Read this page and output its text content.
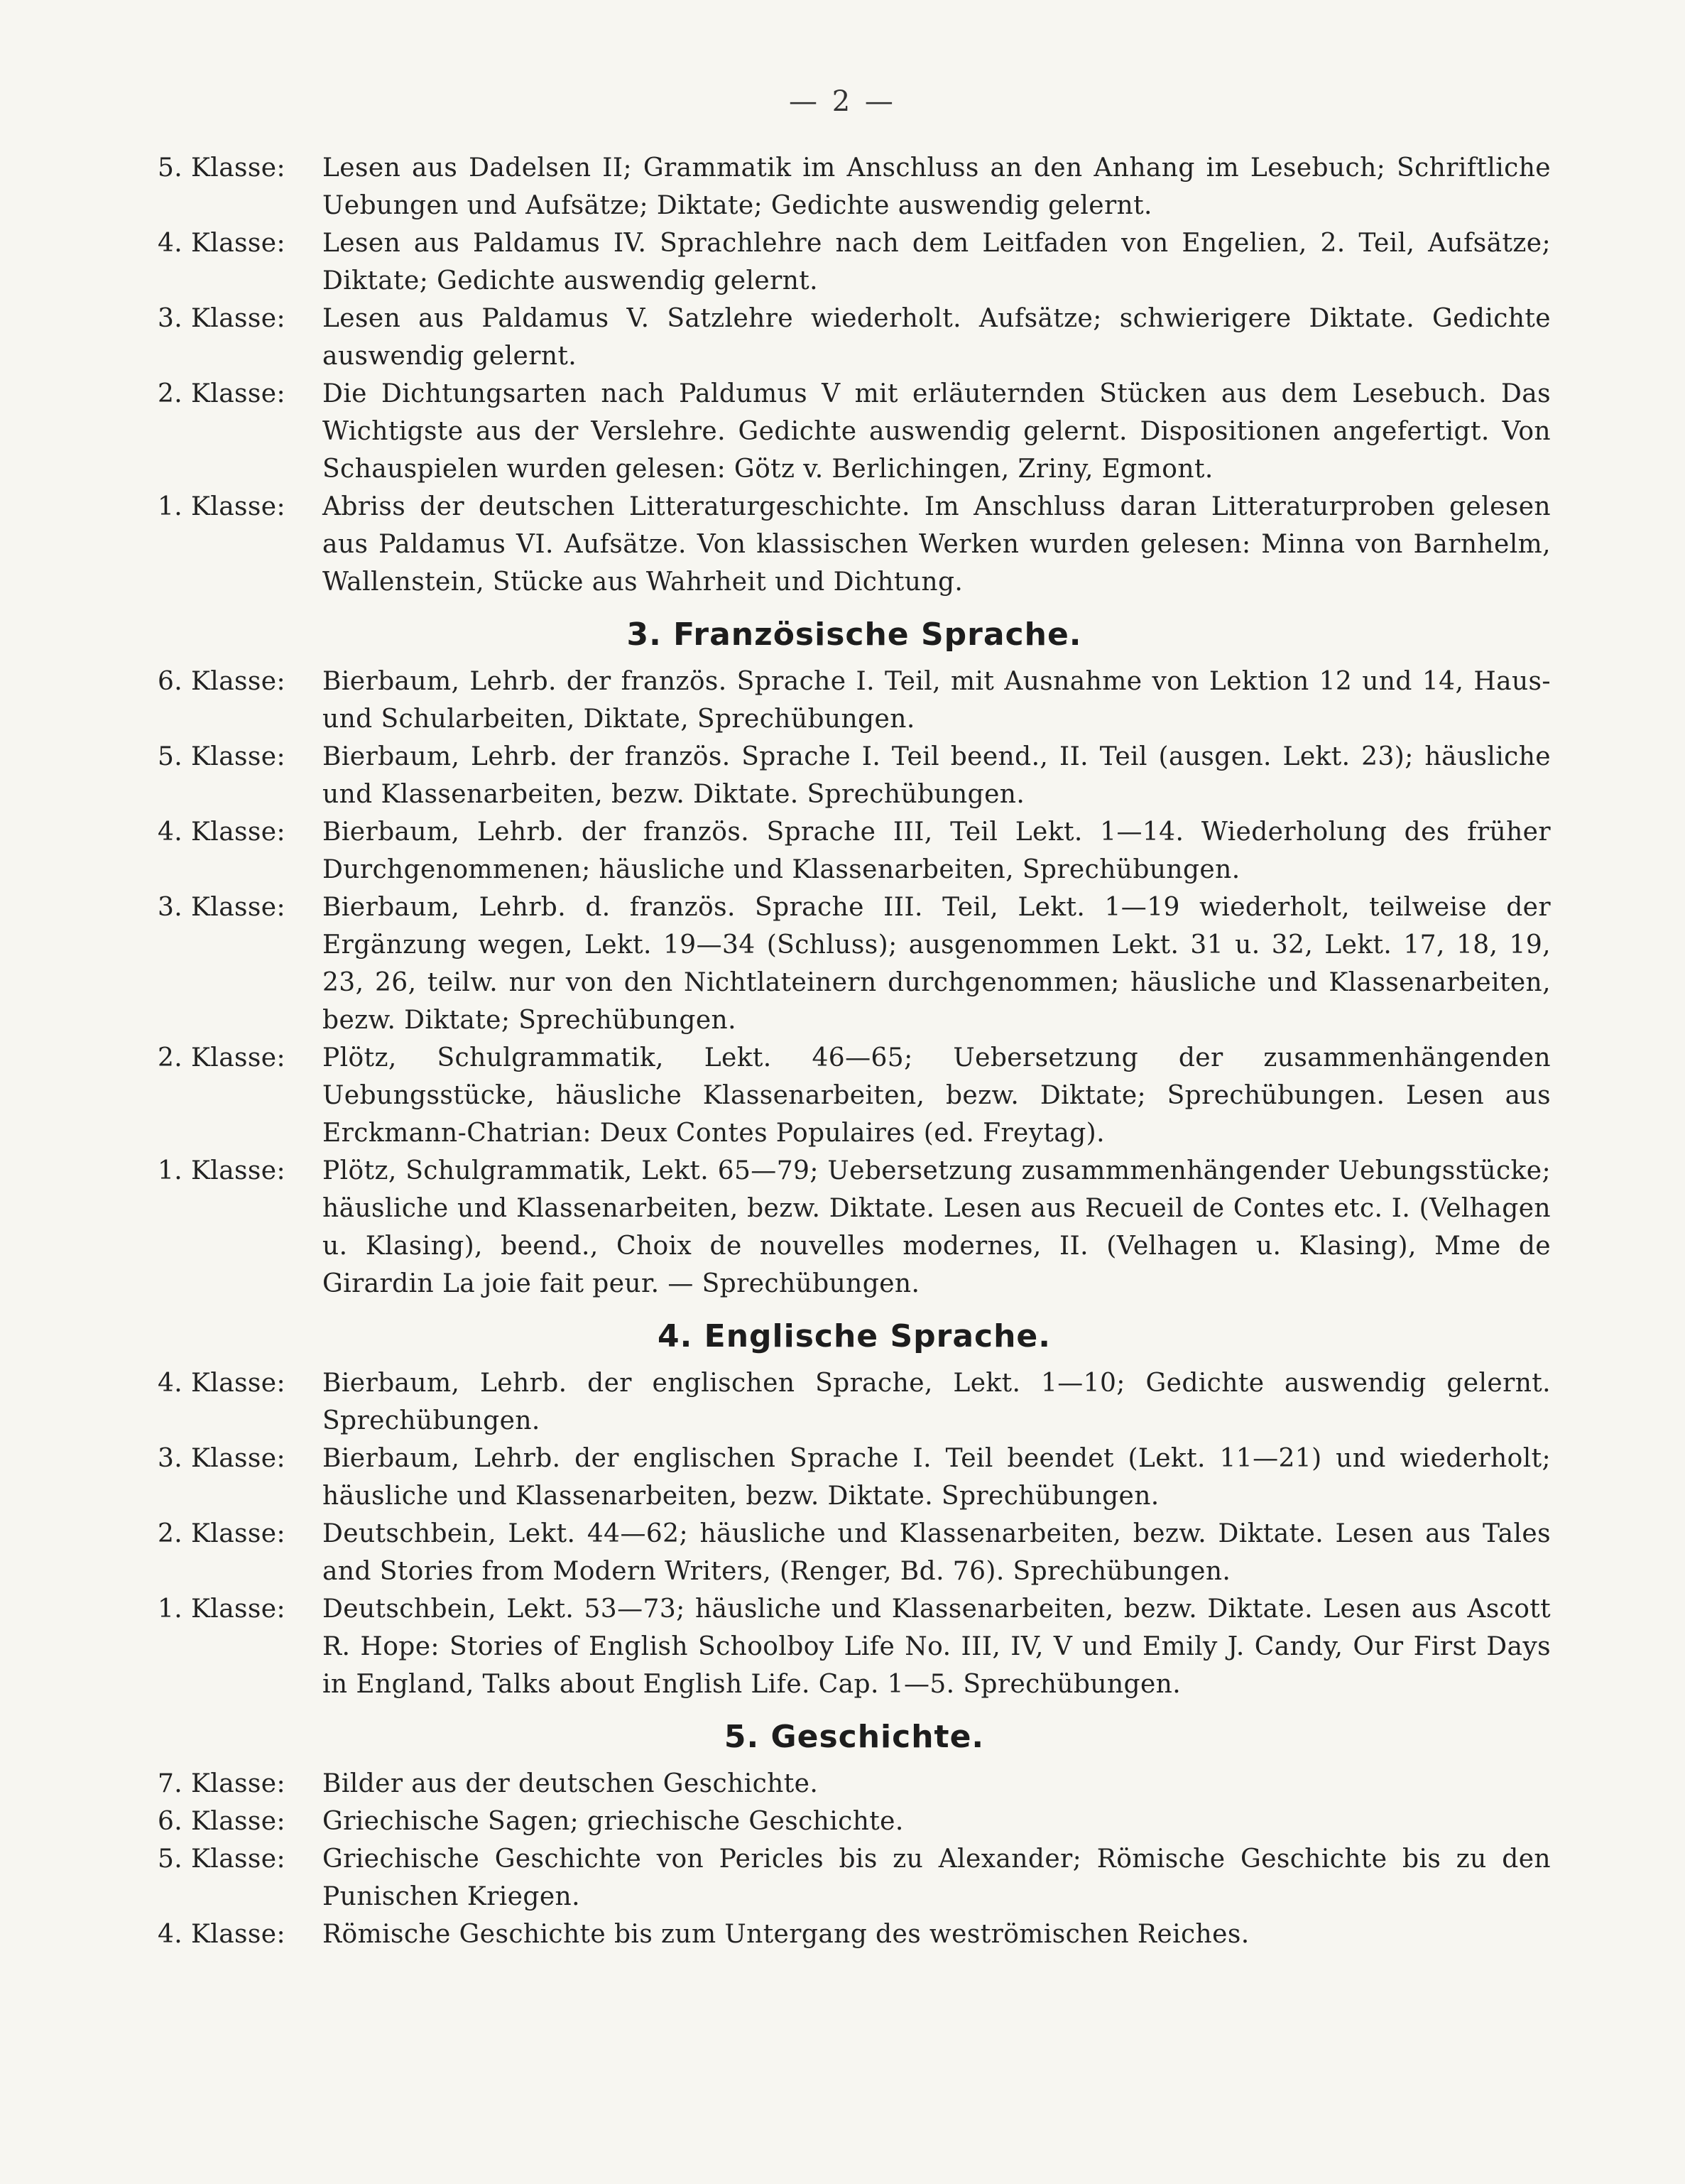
— 2 —
5. Klasse:	Lesen aus Dadelsen II; Grammatik im Anschluss an den Anhang im Lesebuch; Schriftliche Uebungen und Aufsätze; Diktate; Gedichte auswendig gelernt.
4. Klasse:	Lesen aus Paldamus IV. Sprachlehre nach dem Leitfaden von Engelien, 2. Teil, Aufsätze; Diktate; Gedichte auswendig gelernt.
3. Klasse:	Lesen aus Paldamus V. Satzlehre wiederholt. Aufsätze; schwierigere Diktate. Gedichte auswendig gelernt.
2. Klasse:	Die Dichtungsarten nach Paldumus V mit erläuternden Stücken aus dem Lesebuch. Das Wichtigste aus der Verslehre. Gedichte auswendig gelernt. Dispositionen angefertigt. Von Schauspielen wurden gelesen: Götz v. Berlichingen, Zriny, Egmont.
1. Klasse:	Abriss der deutschen Litteraturgeschichte. Im Anschluss daran Litteraturproben gelesen aus Paldamus VI. Aufsätze. Von klassischen Werken wurden gelesen: Minna von Barnhelm, Wallenstein, Stücke aus Wahrheit und Dichtung.
3. Französische Sprache.
6. Klasse:	Bierbaum, Lehrb. der französ. Sprache I. Teil, mit Ausnahme von Lektion 12 und 14, Haus- und Schularbeiten, Diktate, Sprechübungen.
5. Klasse:	Bierbaum, Lehrb. der französ. Sprache I. Teil beend., II. Teil (ausgen. Lekt. 23); häusliche und Klassenarbeiten, bezw. Diktate. Sprechübungen.
4. Klasse:	Bierbaum, Lehrb. der französ. Sprache III, Teil Lekt. 1—14. Wiederholung des früher Durchgenommenen; häusliche und Klassenarbeiten, Sprechübungen.
3. Klasse:	Bierbaum, Lehrb. d. französ. Sprache III. Teil, Lekt. 1—19 wiederholt, teilweise der Ergänzung wegen, Lekt. 19—34 (Schluss); ausgenommen Lekt. 31 u. 32, Lekt. 17, 18, 19, 23, 26, teilw. nur von den Nichtlateinern durchgenommen; häusliche und Klassenarbeiten, bezw. Diktate; Sprechübungen.
2. Klasse:	Plötz, Schulgrammatik, Lekt. 46—65; Uebersetzung der zusammenhängenden Uebungsstücke, häusliche Klassenarbeiten, bezw. Diktate; Sprechübungen. Lesen aus Erckmann-Chatrian: Deux Contes Populaires (ed. Freytag).
1. Klasse:	Plötz, Schulgrammatik, Lekt. 65—79; Uebersetzung zusammmenhängender Uebungsstücke; häusliche und Klassenarbeiten, bezw. Diktate. Lesen aus Recueil de Contes etc. I. (Velhagen u. Klasing), beend., Choix de nouvelles modernes, II. (Velhagen u. Klasing), Mme de Girardin La joie fait peur. — Sprechübungen.
4. Englische Sprache.
4. Klasse:	Bierbaum, Lehrb. der englischen Sprache, Lekt. 1—10; Gedichte auswendig gelernt. Sprechübungen.
3. Klasse:	Bierbaum, Lehrb. der englischen Sprache I. Teil beendet (Lekt. 11—21) und wiederholt; häusliche und Klassenarbeiten, bezw. Diktate. Sprechübungen.
2. Klasse:	Deutschbein, Lekt. 44—62; häusliche und Klassenarbeiten, bezw. Diktate. Lesen aus Tales and Stories from Modern Writers, (Renger, Bd. 76). Sprechübungen.
1. Klasse:	Deutschbein, Lekt. 53—73; häusliche und Klassenarbeiten, bezw. Diktate. Lesen aus Ascott R. Hope: Stories of English Schoolboy Life No. III, IV, V und Emily J. Candy, Our First Days in England, Talks about English Life. Cap. 1—5. Sprechübungen.
5. Geschichte.
7. Klasse:	Bilder aus der deutschen Geschichte.
6. Klasse:	Griechische Sagen; griechische Geschichte.
5. Klasse:	Griechische Geschichte von Pericles bis zu Alexander; Römische Geschichte bis zu den Punischen Kriegen.
4. Klasse:	Römische Geschichte bis zum Untergang des weströmischen Reiches.
